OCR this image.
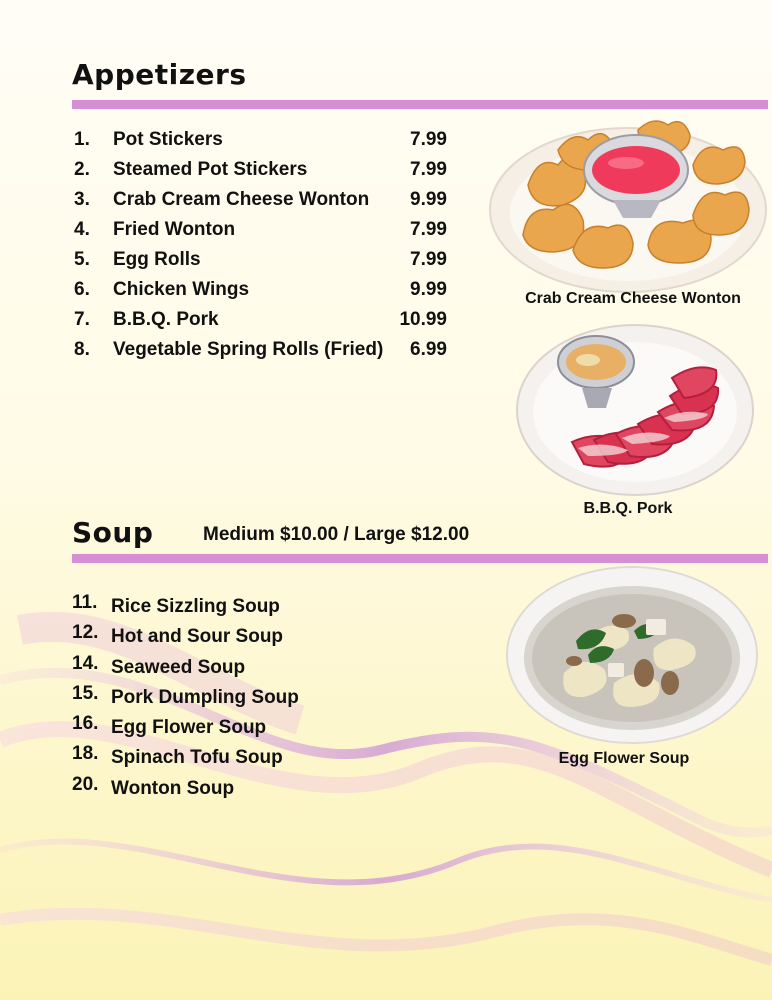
Appetizers
1. Pot Stickers	7.99
2. Steamed Pot Stickers	7.99
3. Crab Cream Cheese Wonton 9.99
4. Fried Wonton	7.99
5. Egg Rolls	7.99
6. Chicken Wings	9.99
7. B.B.Q. Pork	10.99
8. Vegetable Spring Rolls (Fried) 6.99
Crab Cream Cheese Wonton
B.B.Q. Pork
Soup	Medium $10.00 / Large $12.00
11. Rice Sizzling Soup
12. Hot and Sour Soup
14. Seaweed Soup
15. Pork Dumpling Soup
16. Egg Flower Soup
18. Spinach Tofu Soup
20. Wonton Soup
Egg Flower Soup
